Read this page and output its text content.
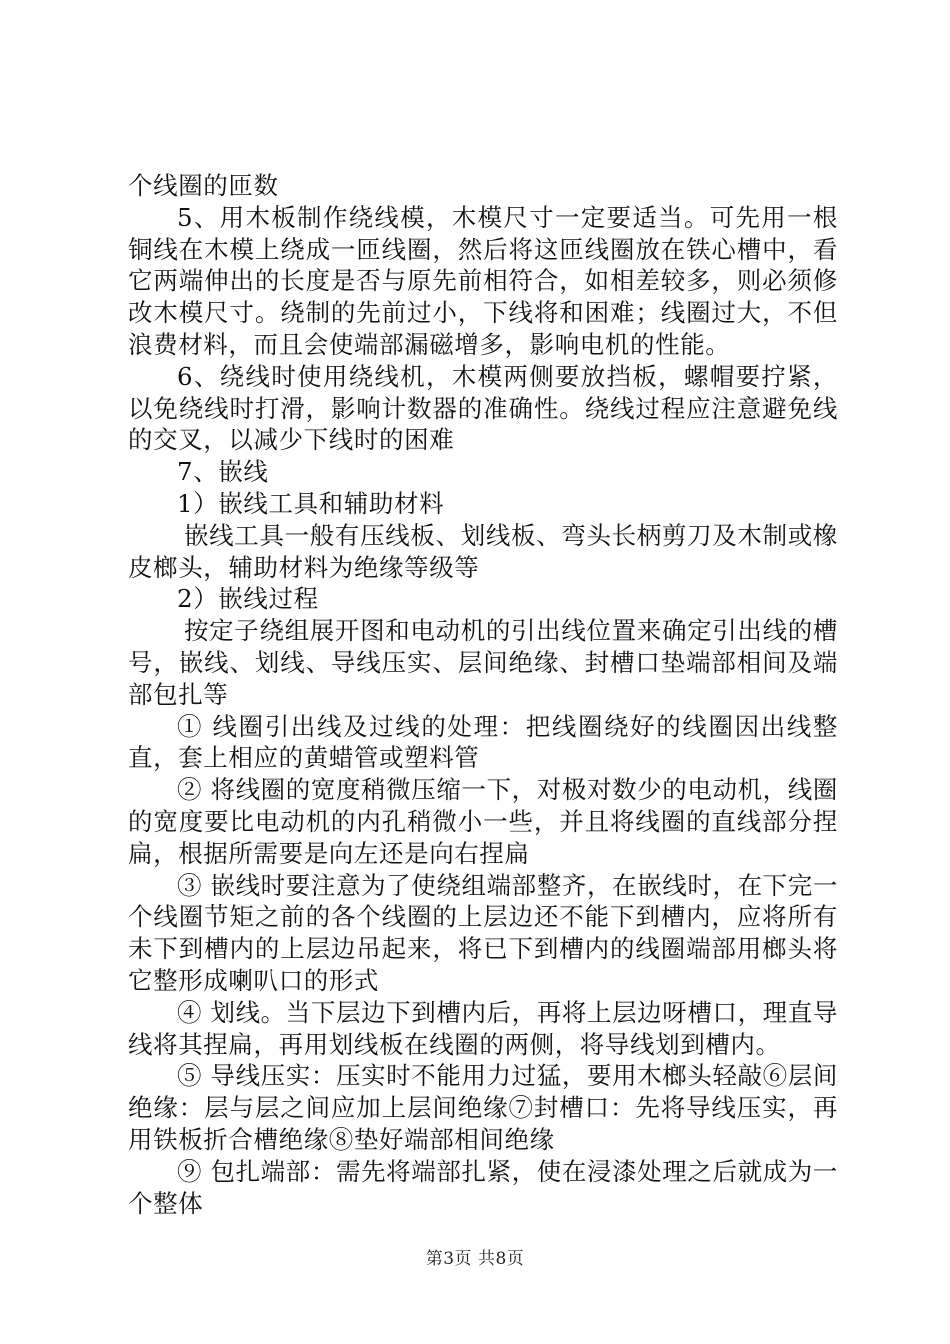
个线圈的匝数

5、用木板制作绕线模，木模尺寸一定要适当。可先用一根铜线在木模上绕成一匝线圈，然后将这匝线圈放在铁心槽中，看它两端伸出的长度是否与原先前相符合，如相差较多，则必须修改木模尺寸。绕制的先前过小，下线将和困难；线圈过大，不但浪费材料，而且会使端部漏磁增多，影响电机的性能。

6、绕线时使用绕线机，木模两侧要放挡板，螺帽要拧紧，以免绕线时打滑，影响计数器的准确性。绕线过程应注意避免线的交叉，以减少下线时的困难

7、嵌线

1）嵌线工具和辅助材料

嵌线工具一般有压线板、划线板、弯头长柄剪刀及木制或橡皮榔头，辅助材料为绝缘等级等

2）嵌线过程

按定子绕组展开图和电动机的引出线位置来确定引出线的槽号，嵌线、划线、导线压实、层间绝缘、封槽口垫端部相间及端部包扎等

① 线圈引出线及过线的处理：把线圈绕好的线圈因出线整直，套上相应的黄蜡管或塑料管

② 将线圈的宽度稍微压缩一下，对极对数少的电动机，线圈的宽度要比电动机的内孔稍微小一些，并且将线圈的直线部分捏扁，根据所需要是向左还是向右捏扁

③ 嵌线时要注意为了使绕组端部整齐，在嵌线时，在下完一个线圈节矩之前的各个线圈的上层边还不能下到槽内，应将所有未下到槽内的上层边吊起来，将已下到槽内的线圈端部用榔头将它整形成喇叭口的形式

④ 划线。当下层边下到槽内后，再将上层边呀槽口，理直导线将其捏扁，再用划线板在线圈的两侧，将导线划到槽内。

⑤ 导线压实：压实时不能用力过猛，要用木榔头轻敲⑥层间绝缘：层与层之间应加上层间绝缘⑦封槽口：先将导线压实，再用铁板折合槽绝缘⑧垫好端部相间绝缘

⑨ 包扎端部：需先将端部扎紧，使在浸漆处理之后就成为一个整体

第3页 共8页
